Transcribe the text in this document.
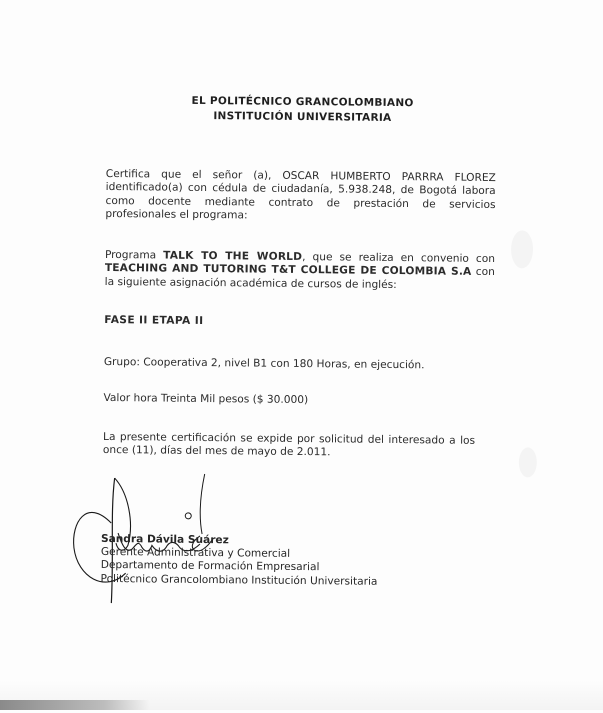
EL POLITÉCNICO GRANCOLOMBIANO
INSTITUCIÓN UNIVERSITARIA
Certifica que el señor (a), OSCAR HUMBERTO PARRRA FLOREZ identificado(a) con cédula de ciudadanía, 5.938.248, de Bogotá labora como docente mediante contrato de prestación de servicios profesionales el programa:
Programa TALK TO THE WORLD, que se realiza en convenio con TEACHING AND TUTORING T&T COLLEGE DE COLOMBIA S.A con la siguiente asignación académica de cursos de inglés:
FASE II ETAPA II
Grupo: Cooperativa 2, nivel B1 con 180 Horas, en ejecución.
Valor hora Treinta Mil pesos ($ 30.000)
La presente certificación se expide por solicitud del interesado a los once (11), días del mes de mayo de 2.011.
Sandra Dávila Suárez
Gerente Administrativa y Comercial
Departamento de Formación Empresarial
Politécnico Grancolombiano Institución Universitaria
